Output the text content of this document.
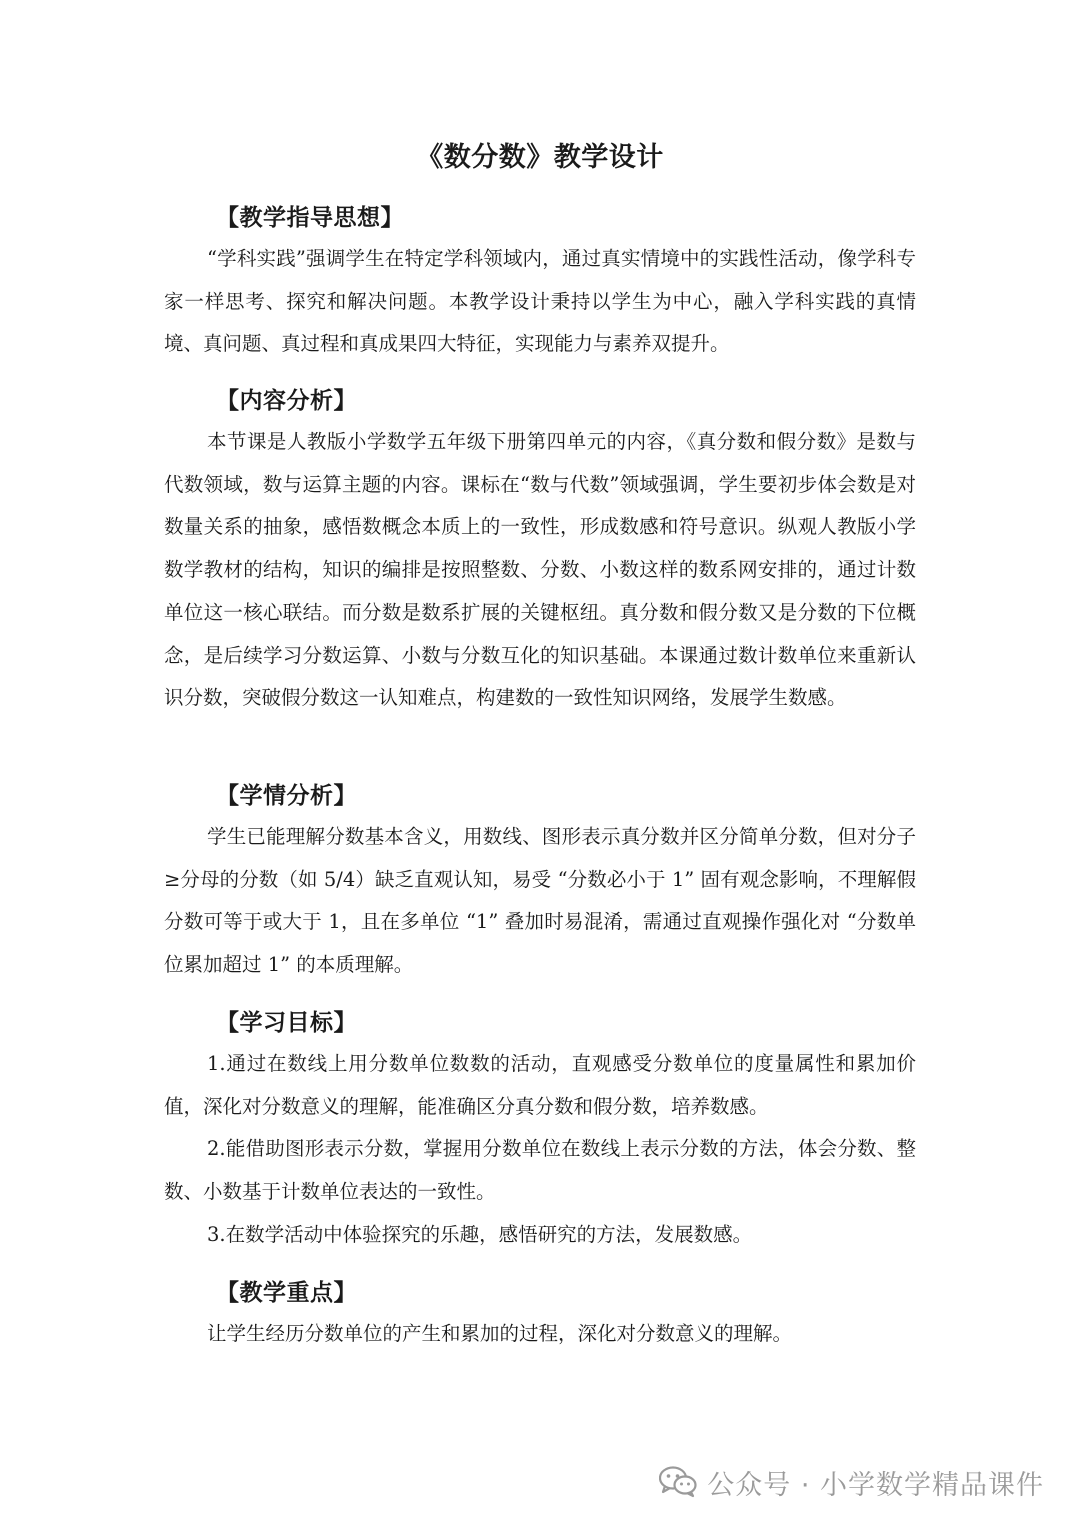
《数分数》教学设计
【教学指导思想】

“学科实践”强调学生在特定学科领域内，通过真实情境中的实践性活动，像学科专家一样思考、探究和解决问题。本教学设计秉持以学生为中心，融入学科实践的真情境、真问题、真过程和真成果四大特征，实现能力与素养双提升。

【内容分析】

本节课是人教版小学数学五年级下册第四单元的内容，《真分数和假分数》是数与代数领域，数与运算主题的内容。课标在“数与代数”领域强调，学生要初步体会数是对数量关系的抽象，感悟数概念本质上的一致性，形成数感和符号意识。纵观人教版小学数学教材的结构，知识的编排是按照整数、分数、小数这样的数系网安排的，通过计数单位这一核心联结。而分数是数系扩展的关键枢纽。真分数和假分数又是分数的下位概念，是后续学习分数运算、小数与分数互化的知识基础。本课通过数计数单位来重新认识分数，突破假分数这一认知难点，构建数的一致性知识网络，发展学生数感。

【学情分析】

学生已能理解分数基本含义，用数线、图形表示真分数并区分简单分数，但对分子≥分母的分数（如 5/4）缺乏直观认知，易受 “分数必小于 1” 固有观念影响，不理解假分数可等于或大于 1，且在多单位 “1” 叠加时易混淆，需通过直观操作强化对 “分数单位累加超过 1” 的本质理解。

【学习目标】

1.通过在数线上用分数单位数数的活动，直观感受分数单位的度量属性和累加价值，深化对分数意义的理解，能准确区分真分数和假分数，培养数感。

2.能借助图形表示分数，掌握用分数单位在数线上表示分数的方法，体会分数、整数、小数基于计数单位表达的一致性。

3.在数学活动中体验探究的乐趣，感悟研究的方法，发展数感。

【教学重点】

让学生经历分数单位的产生和累加的过程，深化对分数意义的理解。

公众号 · 小学数学精品课件
